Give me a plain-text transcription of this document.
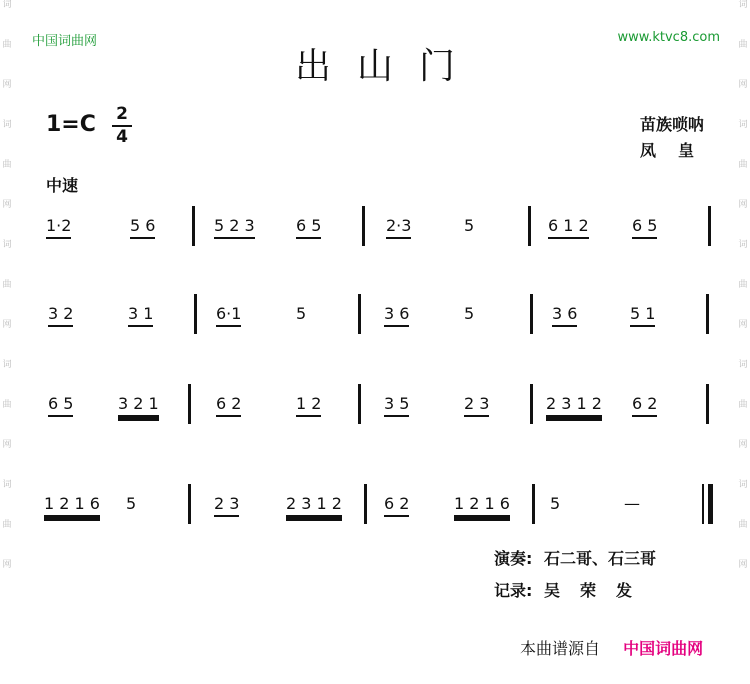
词
曲
网
词
曲
网
词
曲
网
词
曲
网
词
曲
网
词
曲
网
词
曲
网
词
曲
网
词
曲
网
词
曲
网
中国词曲网	www.ktvc8.com
出山门
1=C 2
4
苗族唢呐
凤皇
中速
1·2	5 6	5 2 3	6 5	2·3	5	6 1 2	6 5
3 2	3 1	6·1	5	3 6	5	3 6	5 1
6 5	3 2 1	6 2	1 2	3 5	2 3	2 3 1 2 6 2
1 2 1 6 5	2 3	2 3 1 2	6 2	1 2 1 6	5	—
演奏: 石二哥、石三哥
记录: 吴荣发
本曲谱源自 中国词曲网
